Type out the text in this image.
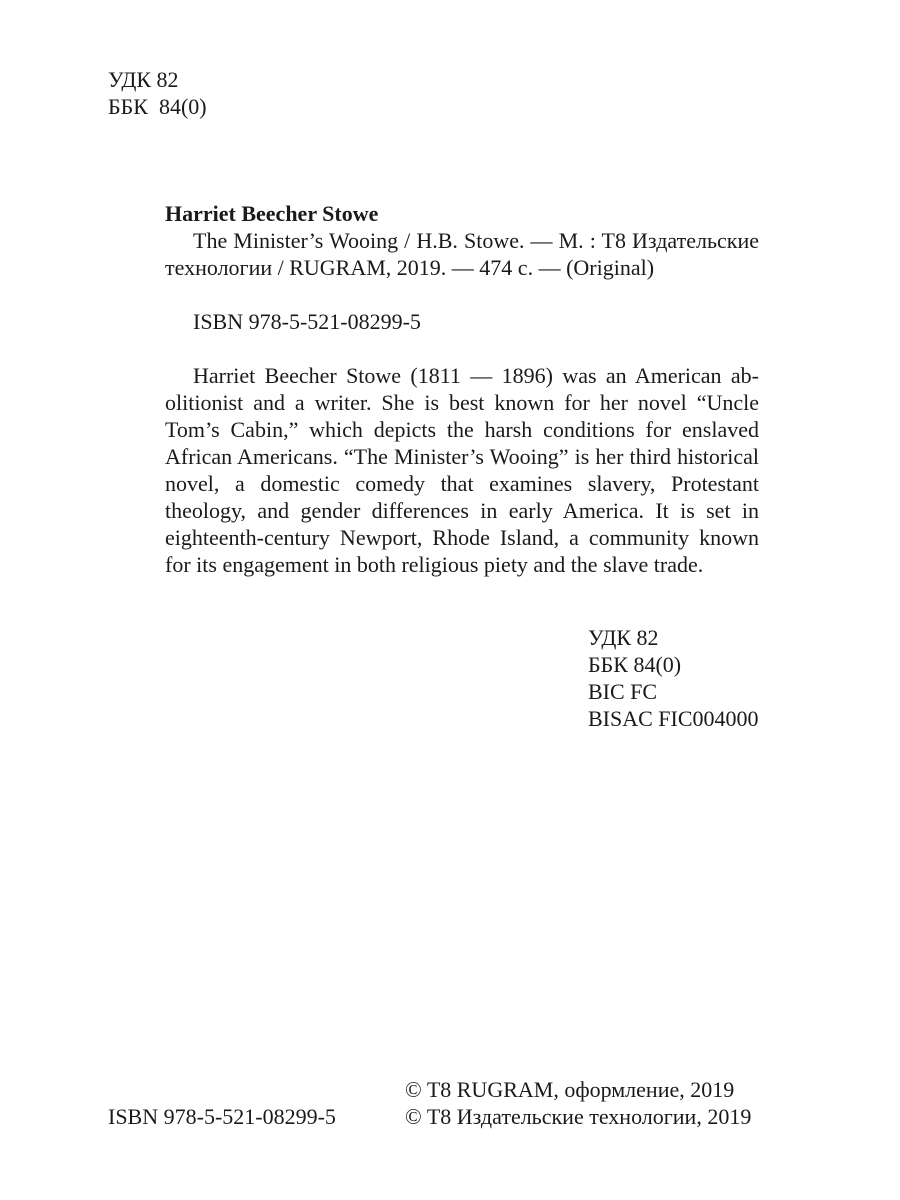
УДК 82
ББК  84(0)
Harriet Beecher Stowe
The Minister’s Wooing / H.B. Stowe. — M. : T8 Издательские технологии / RUGRAM, 2019. — 474 с. — (Original)
ISBN 978-5-521-08299-5
Harriet Beecher Stowe (1811 — 1896) was an American abolitionist and a writer. She is best known for her novel “Uncle Tom’s Cabin,” which depicts the harsh conditions for enslaved African Americans. “The Minister’s Wooing” is her third historical novel, a domestic comedy that examines slavery, Protestant theology, and gender differences in early America. It is set in eighteenth-century Newport, Rhode Island, a community known for its engagement in both religious piety and the slave trade.
УДК 82
ББК 84(0)
BIC FC
BISAC FIC004000
ISBN 978-5-521-08299-5
© T8 RUGRAM, оформление, 2019
© T8 Издательские технологии, 2019
